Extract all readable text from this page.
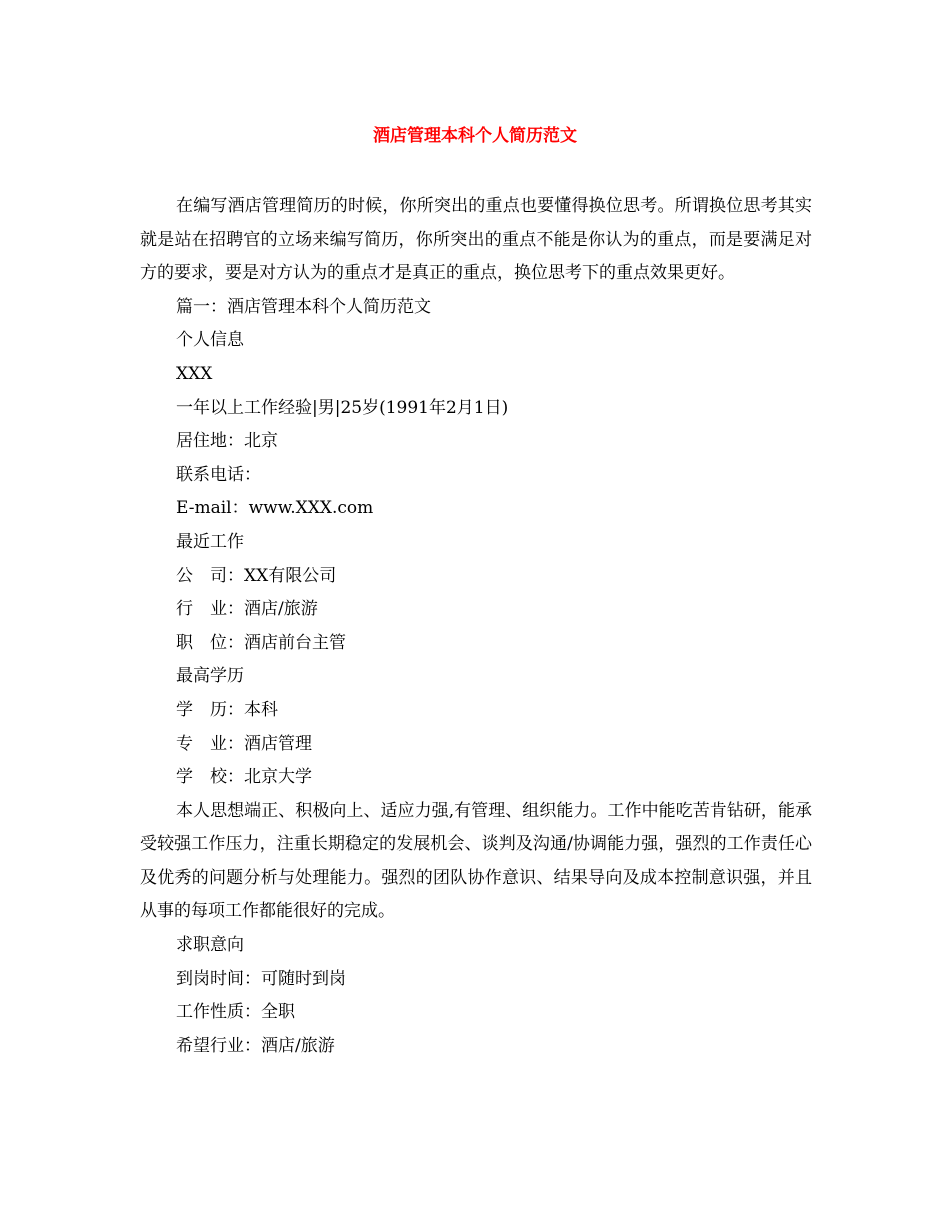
酒店管理本科个人简历范文

在编写酒店管理简历的时候，你所突出的重点也要懂得换位思考。所谓换位思考其实就是站在招聘官的立场来编写简历，你所突出的重点不能是你认为的重点，而是要满足对方的要求，要是对方认为的重点才是真正的重点，换位思考下的重点效果更好。

篇一：酒店管理本科个人简历范文

个人信息

XXX

一年以上工作经验|男|25岁(1991年2月1日)

居住地：北京

联系电话：

E-mail：www.XXX.com

最近工作

公　司：XX有限公司

行　业：酒店/旅游

职　位：酒店前台主管

最高学历

学　历：本科

专　业：酒店管理

学　校：北京大学

本人思想端正、积极向上、适应力强,有管理、组织能力。工作中能吃苦肯钻研，能承受较强工作压力，注重长期稳定的发展机会、谈判及沟通/协调能力强，强烈的工作责任心及优秀的问题分析与处理能力。强烈的团队协作意识、结果导向及成本控制意识强，并且从事的每项工作都能很好的完成。

求职意向

到岗时间：可随时到岗

工作性质：全职

希望行业：酒店/旅游
